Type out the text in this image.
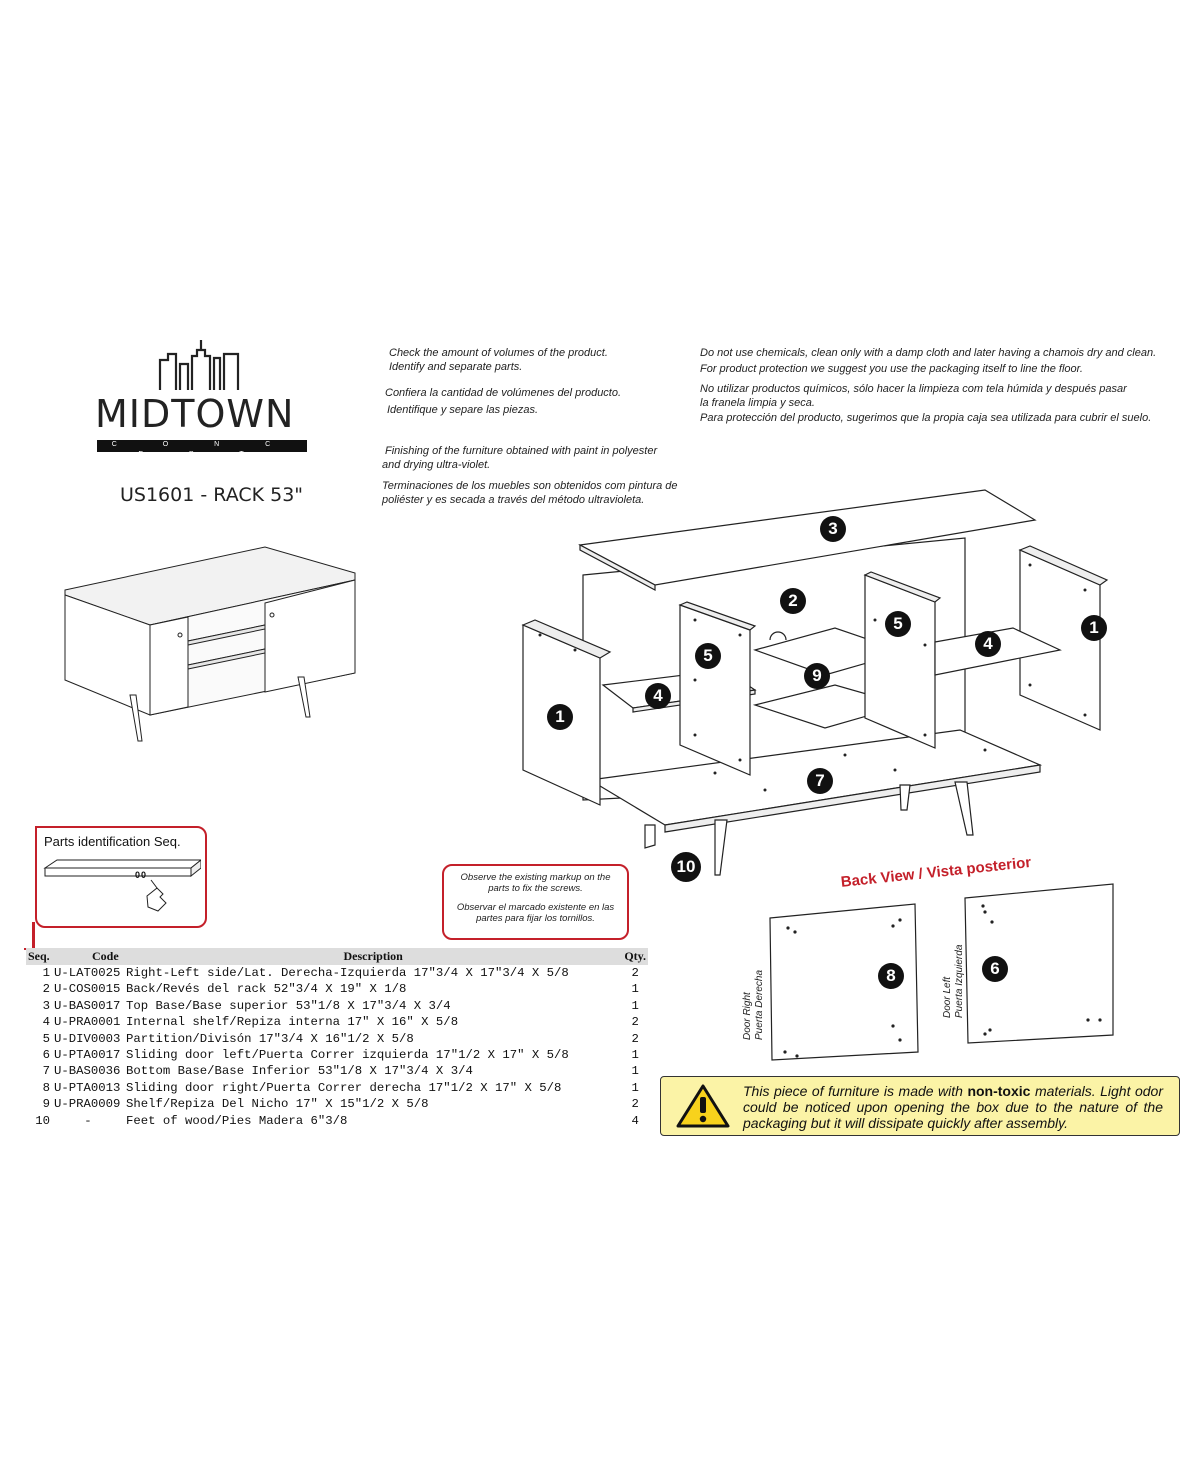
MIDTOWN
C O N C E P T
US1601 - RACK 53"
Check the amount of volumes of the product.
Identify and separate parts.
Confiera la cantidad de volúmenes del producto.
Identifique y separe las piezas.
Finishing of the furniture obtained with paint in polyester
and drying ultra-violet.
Terminaciones de los muebles son obtenidos com pintura de
poliéster y es secada a través del método ultravioleta.
Do not use chemicals, clean only with a damp cloth and later having a chamois dry and clean.
For product protection we suggest you use the packaging itself to line the floor.
No utilizar productos químicos, sólo hacer la limpieza com tela húmida y después pasar
la franela limpia y seca.
Para protección del producto, sugerimos que la propia caja sea utilizada para cubrir el suelo.
3
2
5
4
1
5
9
4
1
7
10
Parts identification Seq.
00	Observe the existing markup on the
parts to fix the screws.
Observar el marcado existente en las
partes para fijar los tornillos.
Back View / Vista posterior
8	6
Door Right Puerta Derecha	Door Left Puerta Izquierda
Seq.	Code	Description	Qty.
1	U-LAT0025	Right-Left side/Lat. Derecha-Izquierda 17"3/4 X 17"3/4 X 5/8	2
2	U-COS0015	Back/Revés del rack 52"3/4 X 19" X 1/8	1
3	U-BAS0017	Top Base/Base superior 53"1/8 X 17"3/4 X 3/4	1
4	U-PRA0001	Internal shelf/Repiza interna 17" X 16" X 5/8	2
5	U-DIV0003	Partition/Divisón 17"3/4 X 16"1/2 X 5/8	2
6	U-PTA0017	Sliding door left/Puerta Correr izquierda 17"1/2 X 17" X 5/8	1
7	U-BAS0036	Bottom Base/Base Inferior 53"1/8 X 17"3/4 X 3/4	1
8	U-PTA0013	Sliding door right/Puerta Correr derecha 17"1/2 X 17" X 5/8	1
9	U-PRA0009	Shelf/Repiza Del Nicho 17" X 15"1/2 X 5/8	2
10	-	Feet of wood/Pies Madera 6"3/8	4
This piece of furniture is made with non-toxic materials. Light odor could be noticed upon opening the box due to the nature of the packaging but it will dissipate quickly after assembly.
